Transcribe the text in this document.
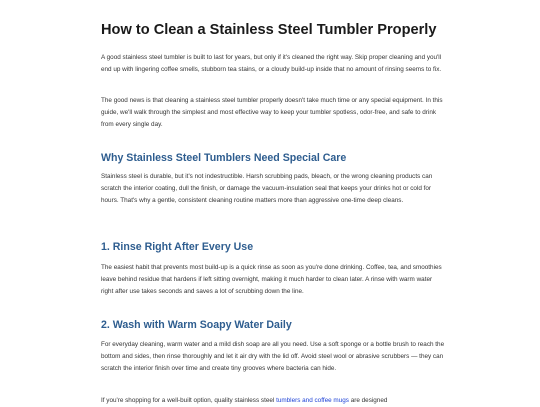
How to Clean a Stainless Steel Tumbler Properly

A good stainless steel tumbler is built to last for years, but only if it's cleaned the right way. Skip proper cleaning and you'll end up with lingering coffee smells, stubborn tea stains, or a cloudy build-up inside that no amount of rinsing seems to fix.

The good news is that cleaning a stainless steel tumbler properly doesn't take much time or any special equipment. In this guide, we'll walk through the simplest and most effective way to keep your tumbler spotless, odor-free, and safe to drink from every single day.

Why Stainless Steel Tumblers Need Special Care

Stainless steel is durable, but it's not indestructible. Harsh scrubbing pads, bleach, or the wrong cleaning products can scratch the interior coating, dull the finish, or damage the vacuum-insulation seal that keeps your drinks hot or cold for hours. That's why a gentle, consistent cleaning routine matters more than aggressive one-time deep cleans.

1. Rinse Right After Every Use

The easiest habit that prevents most build-up is a quick rinse as soon as you're done drinking. Coffee, tea, and smoothies leave behind residue that hardens if left sitting overnight, making it much harder to clean later. A rinse with warm water right after use takes seconds and saves a lot of scrubbing down the line.

2. Wash with Warm Soapy Water Daily

For everyday cleaning, warm water and a mild dish soap are all you need. Use a soft sponge or a bottle brush to reach the bottom and sides, then rinse thoroughly and let it air dry with the lid off. Avoid steel wool or abrasive scrubbers — they can scratch the interior finish over time and create tiny grooves where bacteria can hide.

If you're shopping for a well-built option, quality stainless steel tumblers and coffee mugs are designed
